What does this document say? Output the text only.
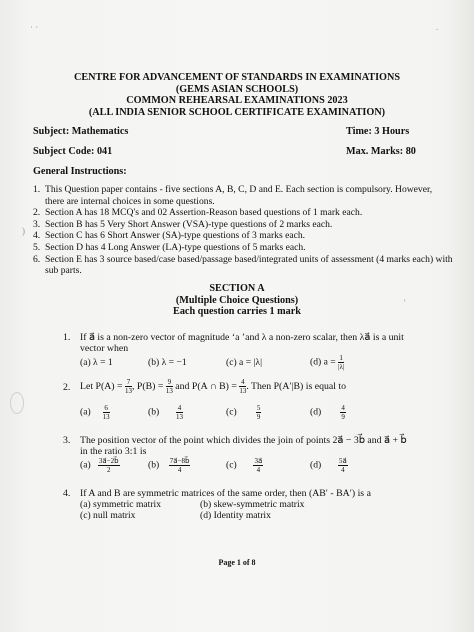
· ·	.
'
)
CENTRE FOR ADVANCEMENT OF STANDARDS IN EXAMINATIONS
(GEMS ASIAN SCHOOLS)
COMMON REHEARSAL EXAMINATIONS 2023
(ALL INDIA SENIOR SCHOOL CERTIFICATE EXAMINATION)
Subject: Mathematics	Time: 3 Hours
Subject Code: 041	Max. Marks: 80
General Instructions:
1. This Question paper contains - five sections A, B, C, D and E. Each section is compulsory. However, there are internal choices in some questions.
2. Section A has 18 MCQ's and 02 Assertion-Reason based questions of 1 mark each.
3. Section B has 5 Very Short Answer (VSA)-type questions of 2 marks each.
4. Section C has 6 Short Answer (SA)-type questions of 3 marks each.
5. Section D has 4 Long Answer (LA)-type questions of 5 marks each.
6. Section E has 3 source based/case based/passage based/integrated units of assessment (4 marks each) with sub parts.
SECTION A
(Multiple Choice Questions)
Each question carries 1 mark
1. If a⃗ is a non-zero vector of magnitude ‘a ’and λ a non-zero scalar, then λa⃗ is a unit
vector when
(a) λ = 1	(b) λ = −1	(c) a = |λ|	(d) $a = \frac{1}{|\lambda|}$
2. Let $P(A) = \frac{7}{13}$ , $P(B) = \frac{9}{13}$ and P(A ∩ $B) = \frac{4}{13}$ . Then P(A′|B) is equal to
$(a) \frac{6}{13}$	$(b) \frac{4}{13}$	(c)	$\frac{5}{9}$	(d)	$\frac{4}{9}$
3. The position vector of the point which divides the join of points 2a⃗ − 3b⃗ and a⃗ + b⃗
in the ratio 3:1 is
$(a) \frac{3a⃗-2b⃗}{2}$	$(b) \frac{7a⃗-8b⃗}{4}$	$(c) \frac{3a⃗}{4}$	$(d) \frac{5a⃗}{4}$
4. If A and B are symmetric matrices of the same order, then (AB′ - BA′) is a
(a) symmetric matrix	(b) skew-symmetric matrix
(c) null matrix	(d) Identity matrix
Page 1 of 8
